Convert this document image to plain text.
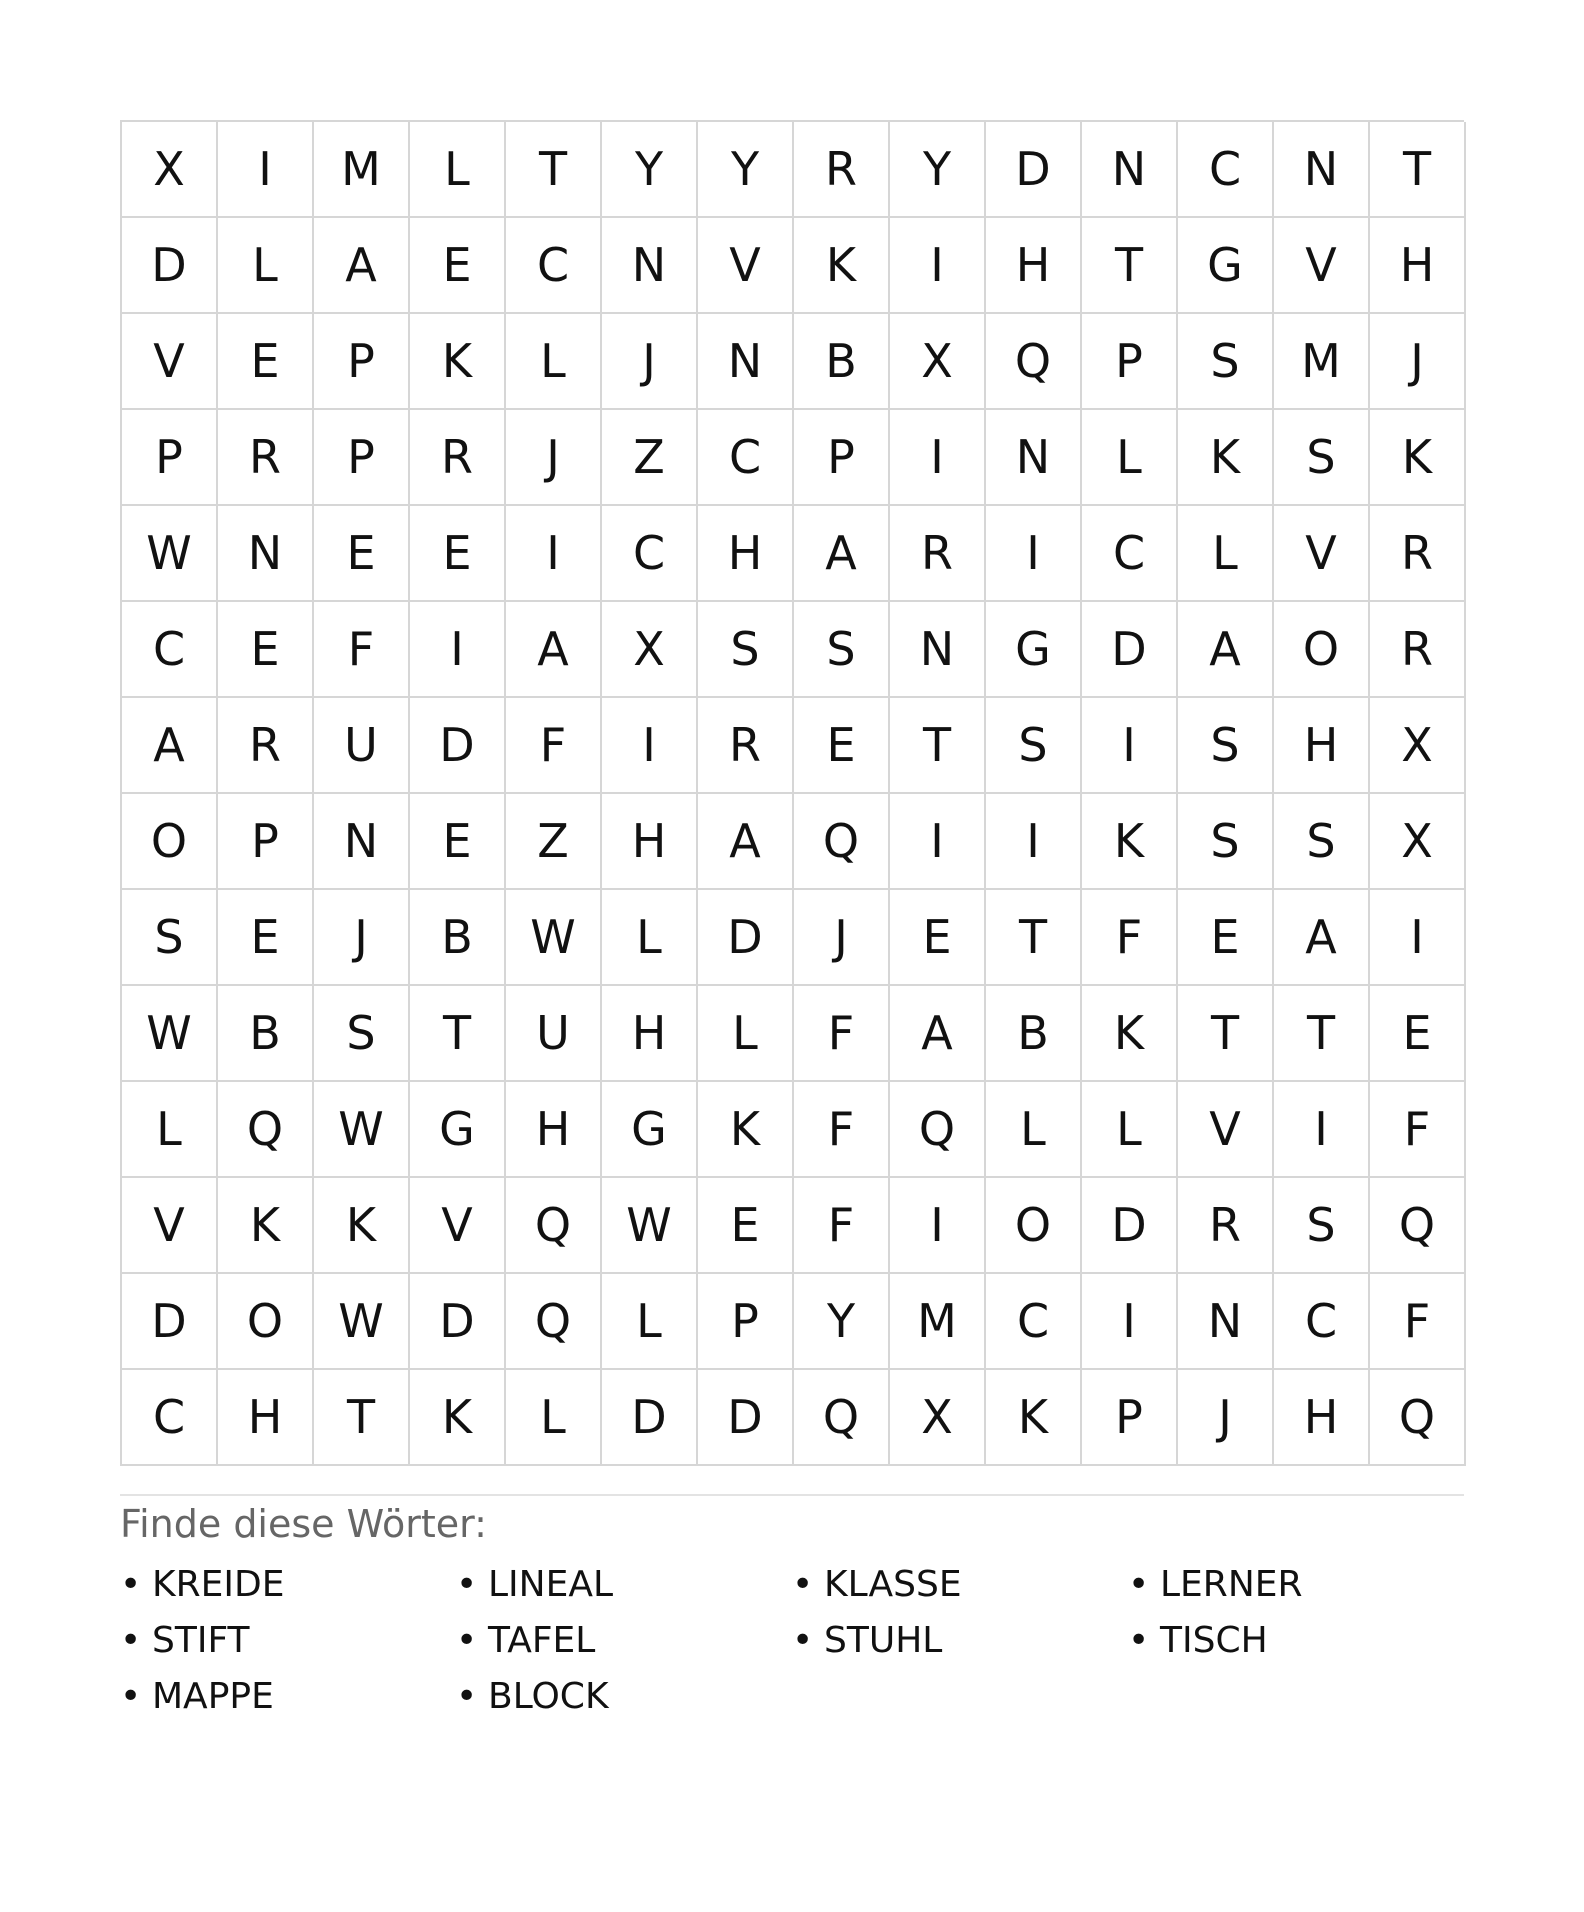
X	I	M	L	T	Y	Y	R	Y	D	N	C	N	T
D	L	A	E	C	N	V	K	I	H	T	G	V	H
V	E	P	K	L	J	N	B	X	Q	P	S	M	J
P	R	P	R	J	Z	C	P	I	N	L	K	S	K
W	N	E	E	I	C	H	A	R	I	C	L	V	R
C	E	F	I	A	X	S	S	N	G	D	A	O	R
A	R	U	D	F	I	R	E	T	S	I	S	H	X
O	P	N	E	Z	H	A	Q	I	I	K	S	S	X
S	E	J	B	W	L	D	J	E	T	F	E	A	I
W	B	S	T	U	H	L	F	A	B	K	T	T	E
L	Q	W	G	H	G	K	F	Q	L	L	V	I	F
V	K	K	V	Q	W	E	F	I	O	D	R	S	Q
D	O	W	D	Q	L	P	Y	M	C	I	N	C	F
C	H	T	K	L	D	D	Q	X	K	P	J	H	Q
Finde diese Wörter:
• KREIDE	• LINEAL	• KLASSE	• LERNER
• STIFT	• TAFEL	• STUHL	• TISCH
• MAPPE	• BLOCK
